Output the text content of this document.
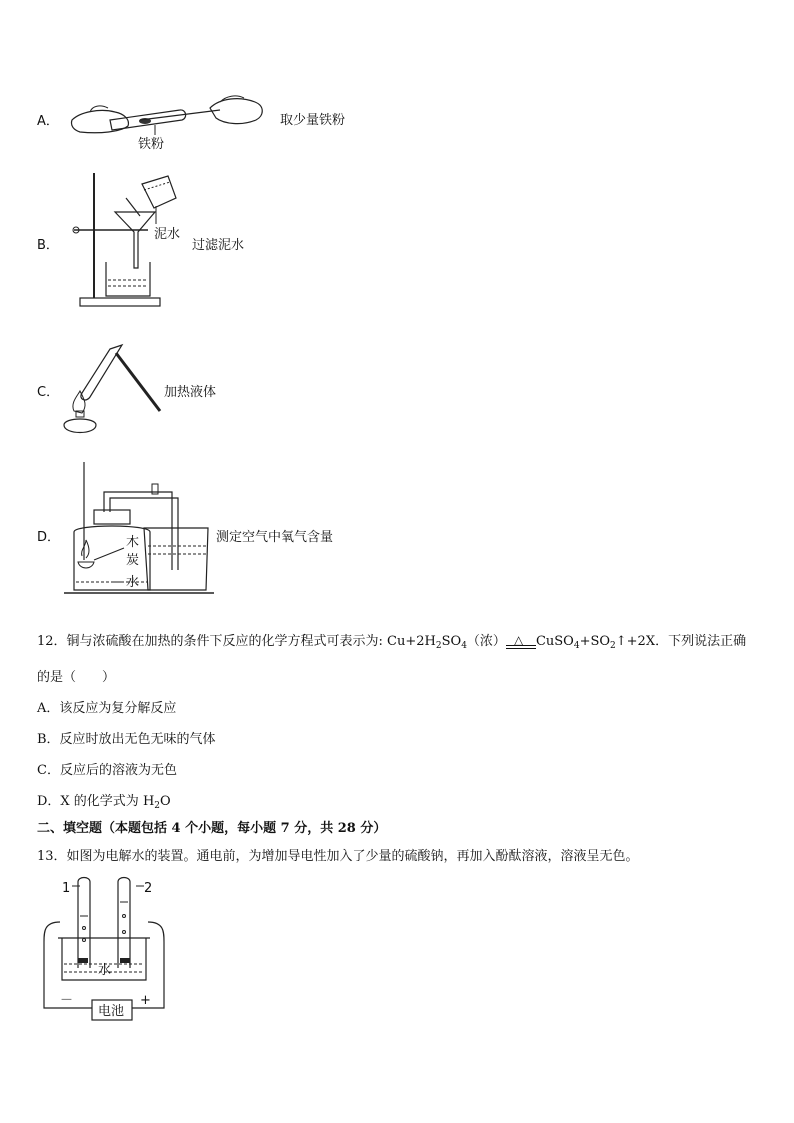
A．
铁粉
取少量铁粉
B．
泥水
过滤泥水
C．	加热液体
D．	木
炭
水
测定空气中氧气含量
12．铜与浓硫酸在加热的条件下反应的化学方程式可表示为: $Cu+2H_2SO_4$（浓） △ $CuSO_4+SO_2↑+2X$．下列说法正确
的是（　　）
A．该反应为复分解反应
B．反应时放出无色无味的气体
C．反应后的溶液为无色
D．X 的化学式为 $H_2O$
二、填空题（本题包括 4 个小题，每小题 7 分，共 28 分）
13．如图为电解水的装置。通电前，为增加导电性加入了少量的硫酸钠，再加入酚酞溶液，溶液呈无色。
1	2
水
－	+
电池
